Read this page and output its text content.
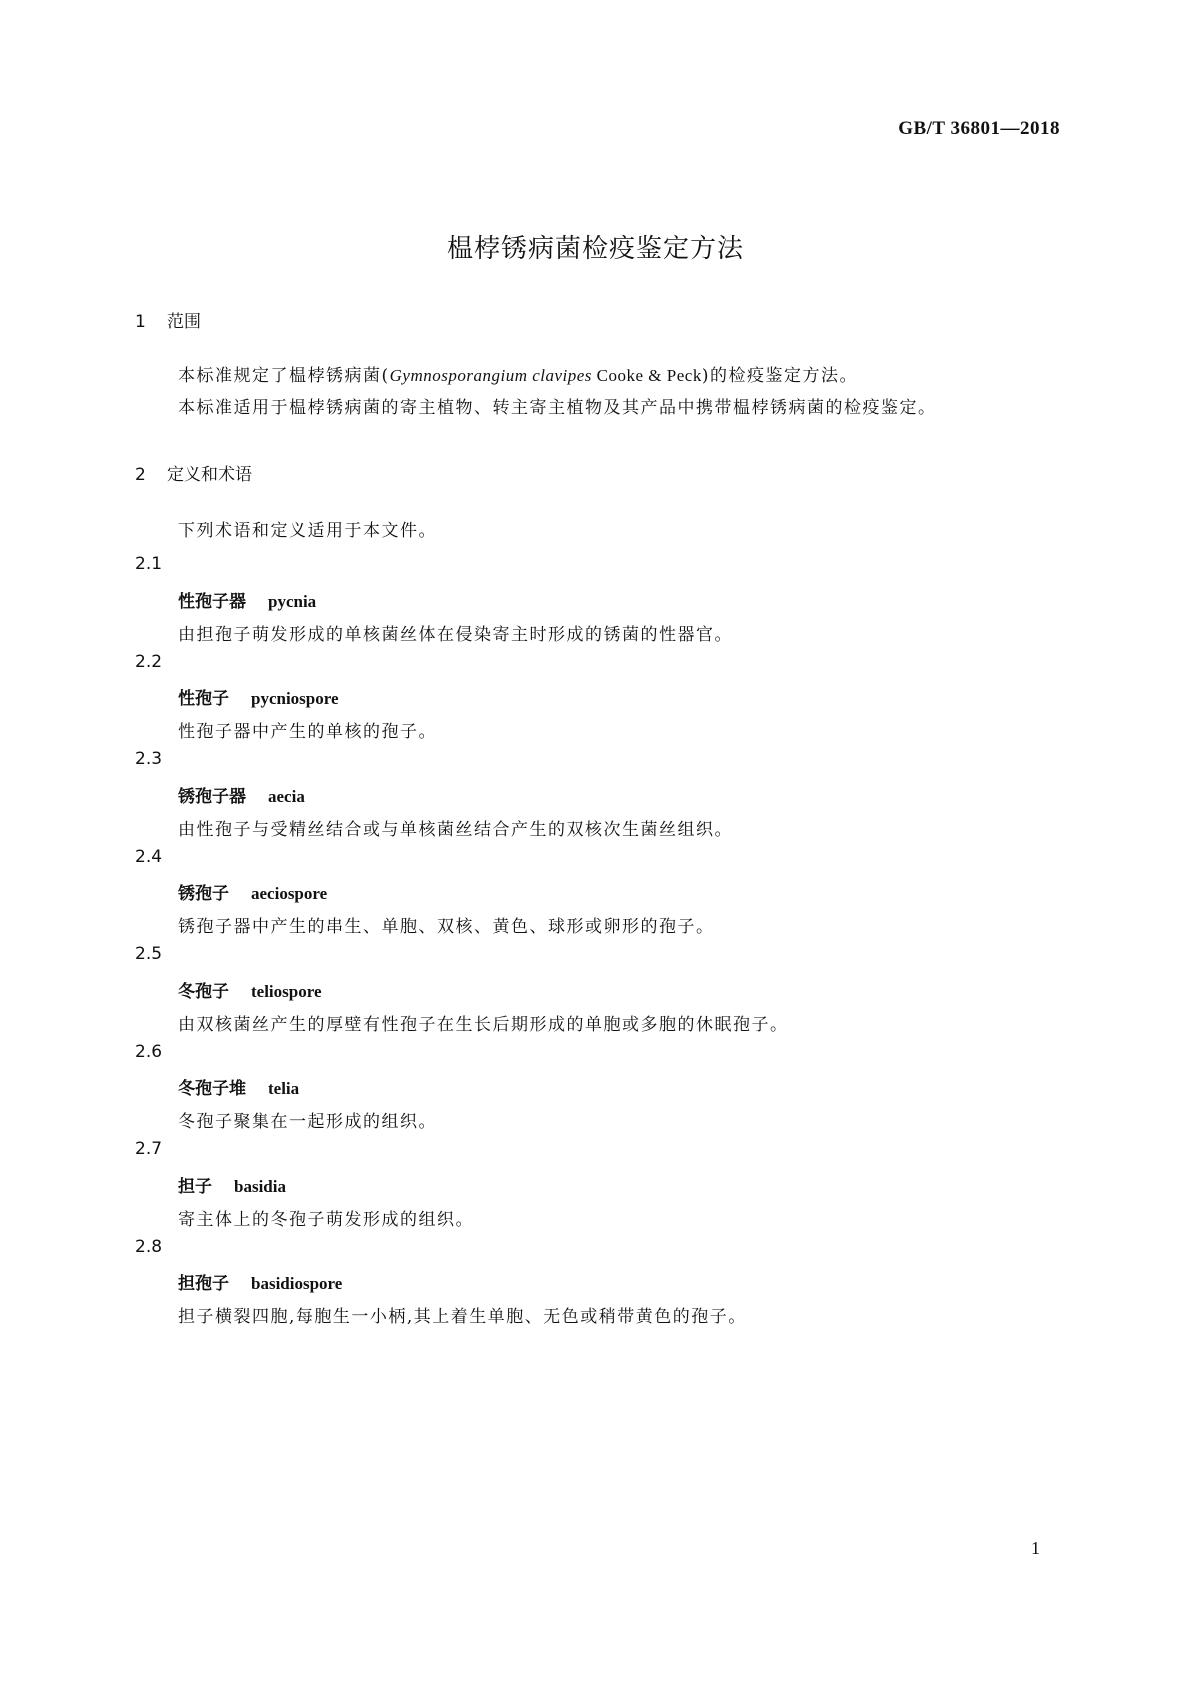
GB/T 36801—2018
榅桲锈病菌检疫鉴定方法
1 范围
本标准规定了榅桲锈病菌(Gymnosporangium clavipes Cooke & Peck)的检疫鉴定方法。
本标准适用于榅桲锈病菌的寄主植物、转主寄主植物及其产品中携带榅桲锈病菌的检疫鉴定。
2 定义和术语
下列术语和定义适用于本文件。
2.1
性孢子器 pycnia
由担孢子萌发形成的单核菌丝体在侵染寄主时形成的锈菌的性器官。
2.2
性孢子 pycniospore
性孢子器中产生的单核的孢子。
2.3
锈孢子器 aecia
由性孢子与受精丝结合或与单核菌丝结合产生的双核次生菌丝组织。
2.4
锈孢子 aeciospore
锈孢子器中产生的串生、单胞、双核、黄色、球形或卵形的孢子。
2.5
冬孢子 teliospore
由双核菌丝产生的厚壁有性孢子在生长后期形成的单胞或多胞的休眠孢子。
2.6
冬孢子堆 telia
冬孢子聚集在一起形成的组织。
2.7
担子 basidia
寄主体上的冬孢子萌发形成的组织。
2.8
担孢子 basidiospore
担子横裂四胞,每胞生一小柄,其上着生单胞、无色或稍带黄色的孢子。
1
